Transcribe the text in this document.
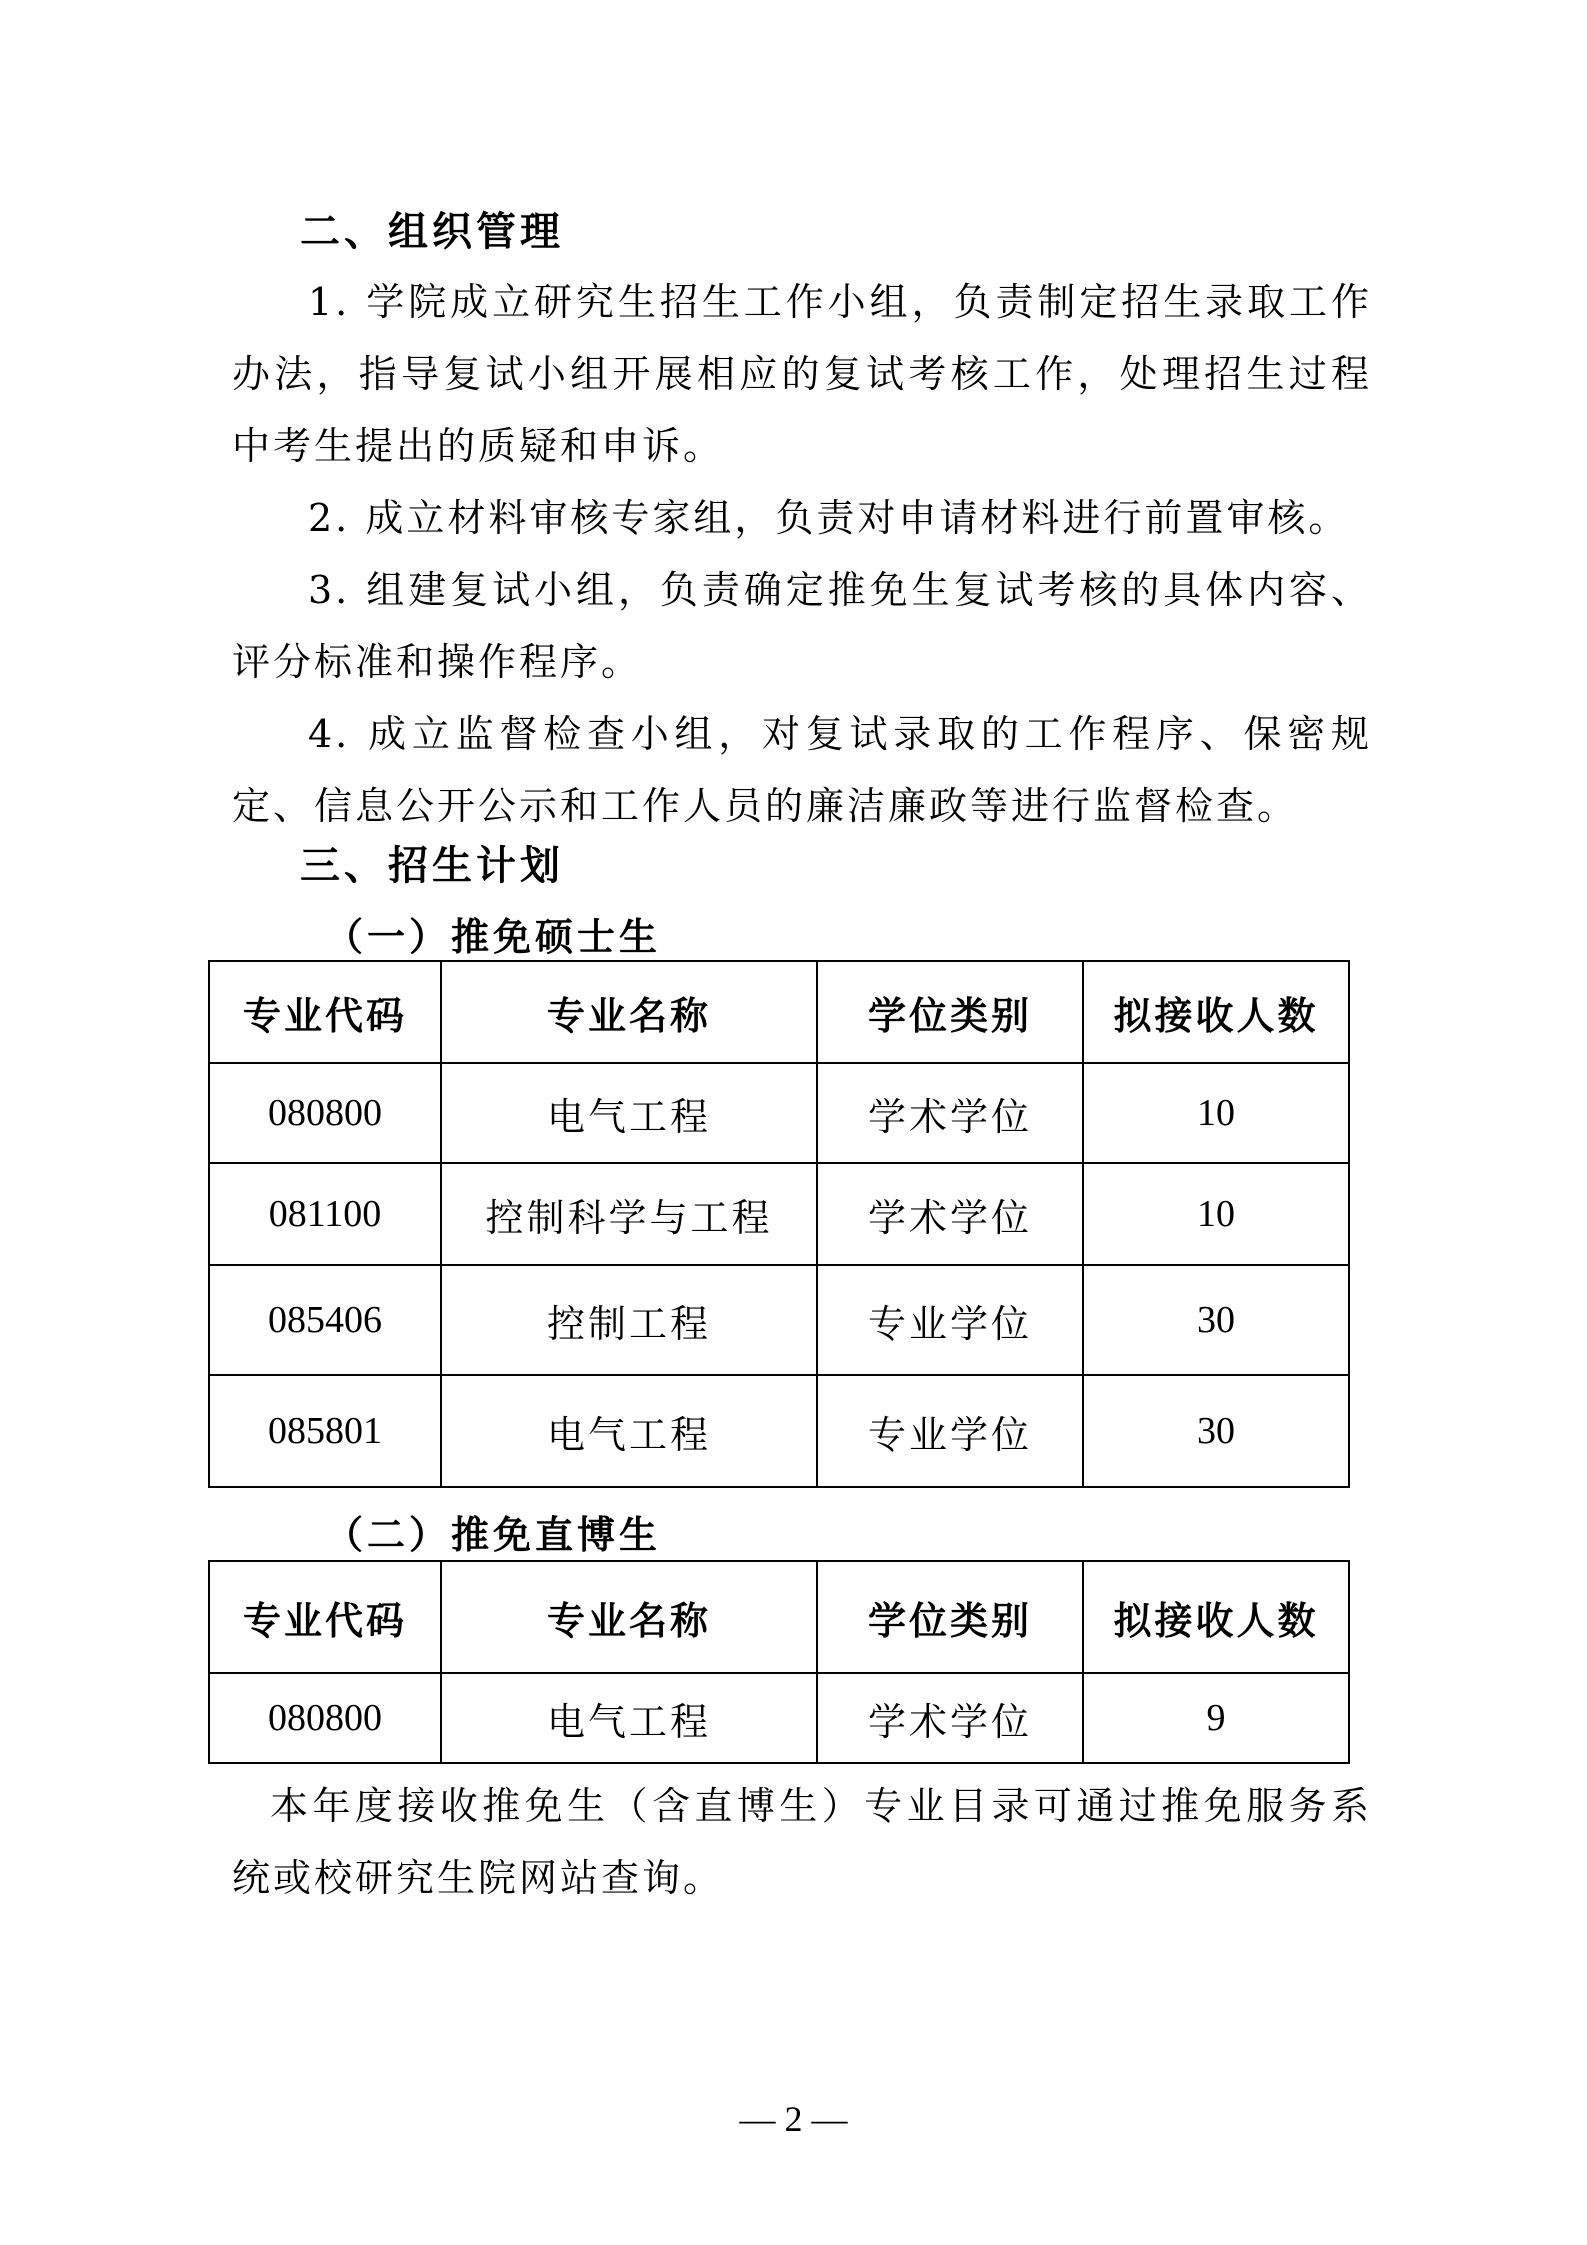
二、组织管理
1. 学院成立研究生招生工作小组，负责制定招生录取工作办法，指导复试小组开展相应的复试考核工作，处理招生过程中考生提出的质疑和申诉。
2. 成立材料审核专家组，负责对申请材料进行前置审核。
3. 组建复试小组，负责确定推免生复试考核的具体内容、评分标准和操作程序。
4. 成立监督检查小组，对复试录取的工作程序、保密规定、信息公开公示和工作人员的廉洁廉政等进行监督检查。
三、招生计划
（一）推免硕士生
专业代码	专业名称	学位类别	拟接收人数
080800	电气工程	学术学位	10
081100	控制科学与工程	学术学位	10
085406	控制工程	专业学位	30
085801	电气工程	专业学位	30
（二）推免直博生
专业代码	专业名称	学位类别	拟接收人数
080800	电气工程	学术学位	9
本年度接收推免生（含直博生）专业目录可通过推免服务系统或校研究生院网站查询。
— 2 —
